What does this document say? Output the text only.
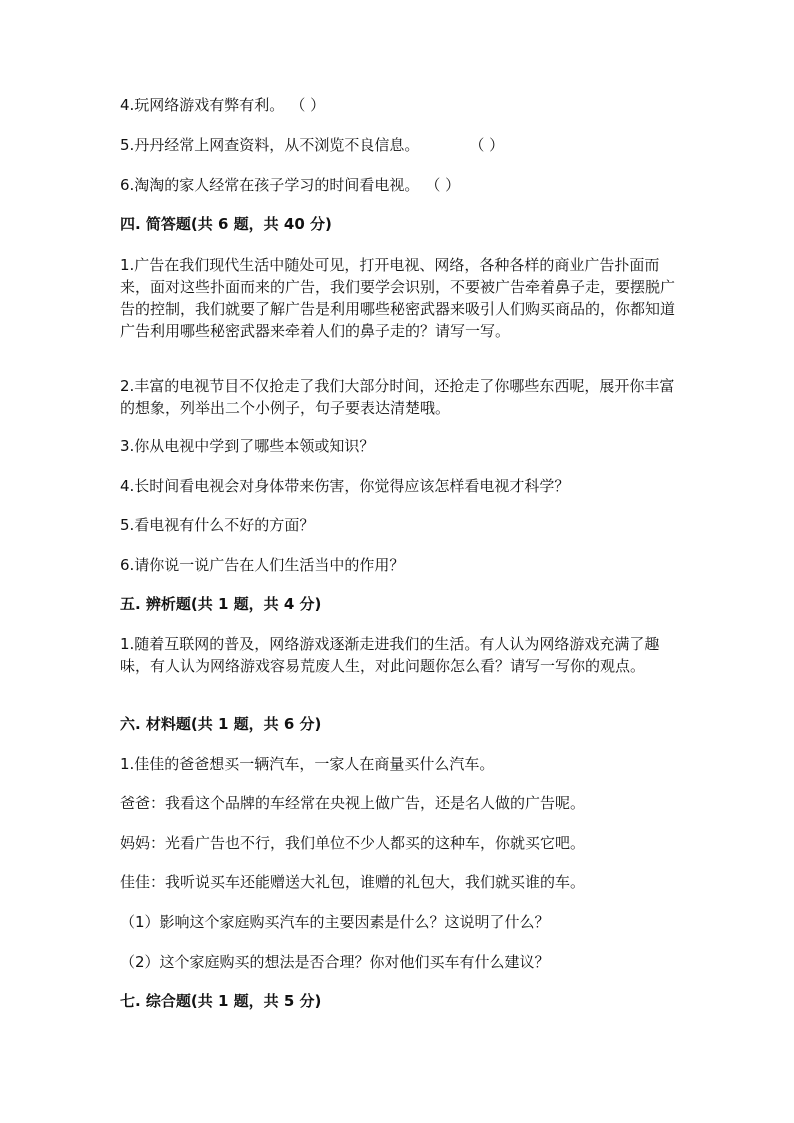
4.玩网络游戏有弊有利。 （ ）
5.丹丹经常上网查资料，从不浏览不良信息。	（ ）
6.淘淘的家人经常在孩子学习的时间看电视。 （ ）
四. 简答题(共 6 题，共 40 分)
1.广告在我们现代生活中随处可见，打开电视、网络，各种各样的商业广告扑面而来，面对这些扑面而来的广告，我们要学会识别，不要被广告牵着鼻子走，要摆脱广告的控制，我们就要了解广告是利用哪些秘密武器来吸引人们购买商品的，你都知道广告利用哪些秘密武器来牵着人们的鼻子走的？请写一写。
2.丰富的电视节目不仅抢走了我们大部分时间，还抢走了你哪些东西呢，展开你丰富的想象，列举出二个小例子，句子要表达清楚哦。
3.你从电视中学到了哪些本领或知识？
4.长时间看电视会对身体带来伤害，你觉得应该怎样看电视才科学？
5.看电视有什么不好的方面？
6.请你说一说广告在人们生活当中的作用？
五. 辨析题(共 1 题，共 4 分)
1.随着互联网的普及，网络游戏逐渐走进我们的生活。有人认为网络游戏充满了趣味，有人认为网络游戏容易荒废人生，对此问题你怎么看？请写一写你的观点。
六. 材料题(共 1 题，共 6 分)
1.佳佳的爸爸想买一辆汽车，一家人在商量买什么汽车。
爸爸：我看这个品牌的车经常在央视上做广告，还是名人做的广告呢。
妈妈：光看广告也不行，我们单位不少人都买的这种车，你就买它吧。
佳佳：我听说买车还能赠送大礼包，谁赠的礼包大，我们就买谁的车。
（1）影响这个家庭购买汽车的主要因素是什么？这说明了什么？
（2）这个家庭购买的想法是否合理？你对他们买车有什么建议？
七. 综合题(共 1 题，共 5 分)
